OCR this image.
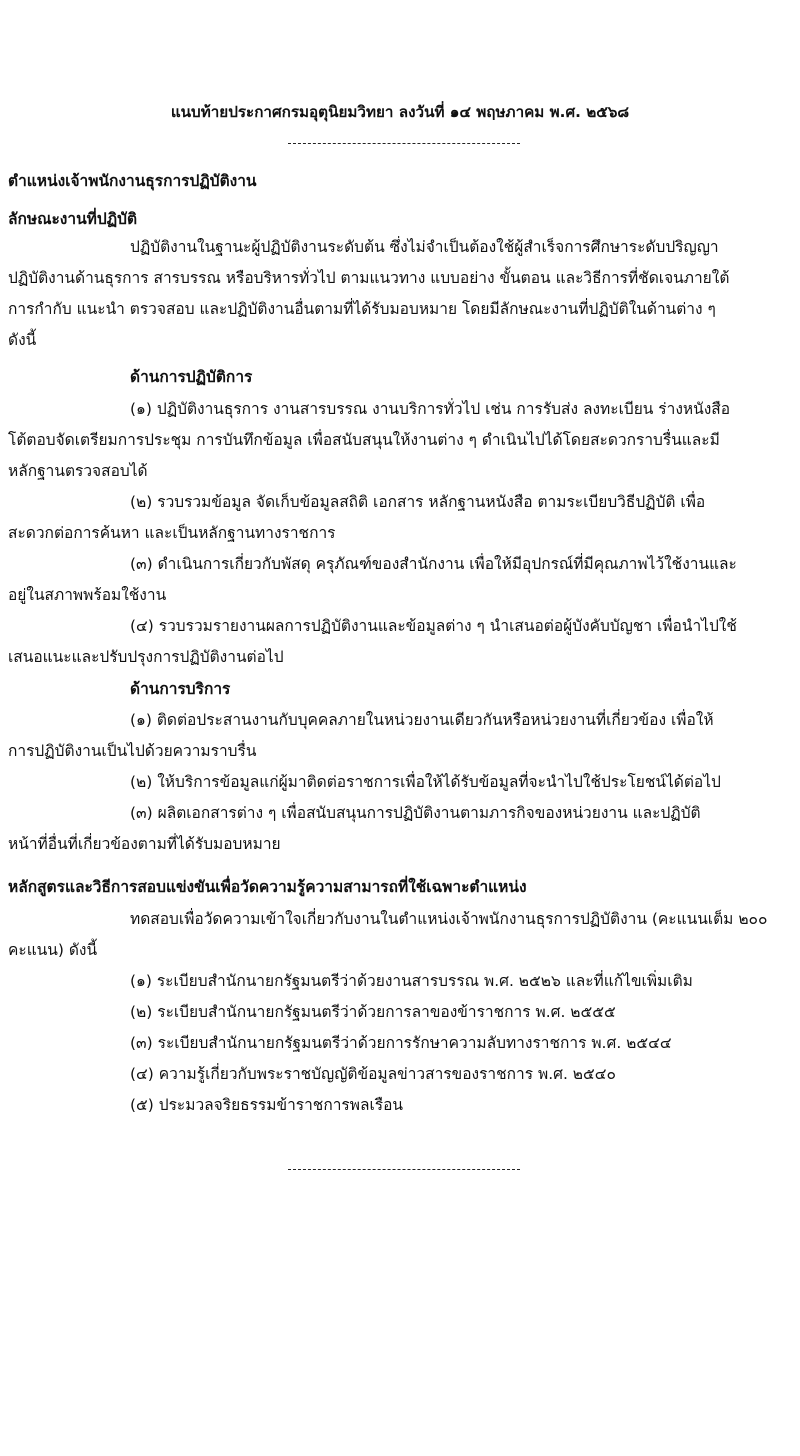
แนบท้ายประกาศกรมอุตุนิยมวิทยา ลงวันที่ ๑๔ พฤษภาคม พ.ศ. ๒๕๖๘
ตำแหน่งเจ้าพนักงานธุรการปฏิบัติงาน
ลักษณะงานที่ปฏิบัติ
ปฏิบัติงานในฐานะผู้ปฏิบัติงานระดับต้น ซึ่งไม่จำเป็นต้องใช้ผู้สำเร็จการศึกษาระดับปริญญา
ปฏิบัติงานด้านธุรการ สารบรรณ หรือบริหารทั่วไป ตามแนวทาง แบบอย่าง ขั้นตอน และวิธีการที่ชัดเจนภายใต้
การกำกับ แนะนำ ตรวจสอบ และปฏิบัติงานอื่นตามที่ได้รับมอบหมาย โดยมีลักษณะงานที่ปฏิบัติในด้านต่าง ๆ
ดังนี้
ด้านการปฏิบัติการ
(๑) ปฏิบัติงานธุรการ งานสารบรรณ งานบริการทั่วไป เช่น การรับส่ง ลงทะเบียน ร่างหนังสือ
โต้ตอบจัดเตรียมการประชุม การบันทึกข้อมูล เพื่อสนับสนุนให้งานต่าง ๆ ดำเนินไปได้โดยสะดวกราบรื่นและมี
หลักฐานตรวจสอบได้
(๒) รวบรวมข้อมูล จัดเก็บข้อมูลสถิติ เอกสาร หลักฐานหนังสือ ตามระเบียบวิธีปฏิบัติ เพื่อ
สะดวกต่อการค้นหา และเป็นหลักฐานทางราชการ
(๓) ดำเนินการเกี่ยวกับพัสดุ ครุภัณฑ์ของสำนักงาน เพื่อให้มีอุปกรณ์ที่มีคุณภาพไว้ใช้งานและ
อยู่ในสภาพพร้อมใช้งาน
(๔) รวบรวมรายงานผลการปฏิบัติงานและข้อมูลต่าง ๆ นำเสนอต่อผู้บังคับบัญชา เพื่อนำไปใช้
เสนอแนะและปรับปรุงการปฏิบัติงานต่อไป
ด้านการบริการ
(๑) ติดต่อประสานงานกับบุคคลภายในหน่วยงานเดียวกันหรือหน่วยงานที่เกี่ยวข้อง เพื่อให้
การปฏิบัติงานเป็นไปด้วยความราบรื่น
(๒) ให้บริการข้อมูลแก่ผู้มาติดต่อราชการเพื่อให้ได้รับข้อมูลที่จะนำไปใช้ประโยชน์ได้ต่อไป
(๓) ผลิตเอกสารต่าง ๆ เพื่อสนับสนุนการปฏิบัติงานตามภารกิจของหน่วยงาน และปฏิบัติ
หน้าที่อื่นที่เกี่ยวข้องตามที่ได้รับมอบหมาย
หลักสูตรและวิธีการสอบแข่งขันเพื่อวัดความรู้ความสามารถที่ใช้เฉพาะตำแหน่ง
ทดสอบเพื่อวัดความเข้าใจเกี่ยวกับงานในตำแหน่งเจ้าพนักงานธุรการปฏิบัติงาน (คะแนนเต็ม ๒๐๐
คะแนน) ดังนี้
(๑) ระเบียบสำนักนายกรัฐมนตรีว่าด้วยงานสารบรรณ พ.ศ. ๒๕๒๖ และที่แก้ไขเพิ่มเติม
(๒) ระเบียบสำนักนายกรัฐมนตรีว่าด้วยการลาของข้าราชการ พ.ศ. ๒๕๕๕
(๓) ระเบียบสำนักนายกรัฐมนตรีว่าด้วยการรักษาความลับทางราชการ พ.ศ. ๒๕๔๔
(๔) ความรู้เกี่ยวกับพระราชบัญญัติข้อมูลข่าวสารของราชการ พ.ศ. ๒๕๔๐
(๕) ประมวลจริยธรรมข้าราชการพลเรือน
